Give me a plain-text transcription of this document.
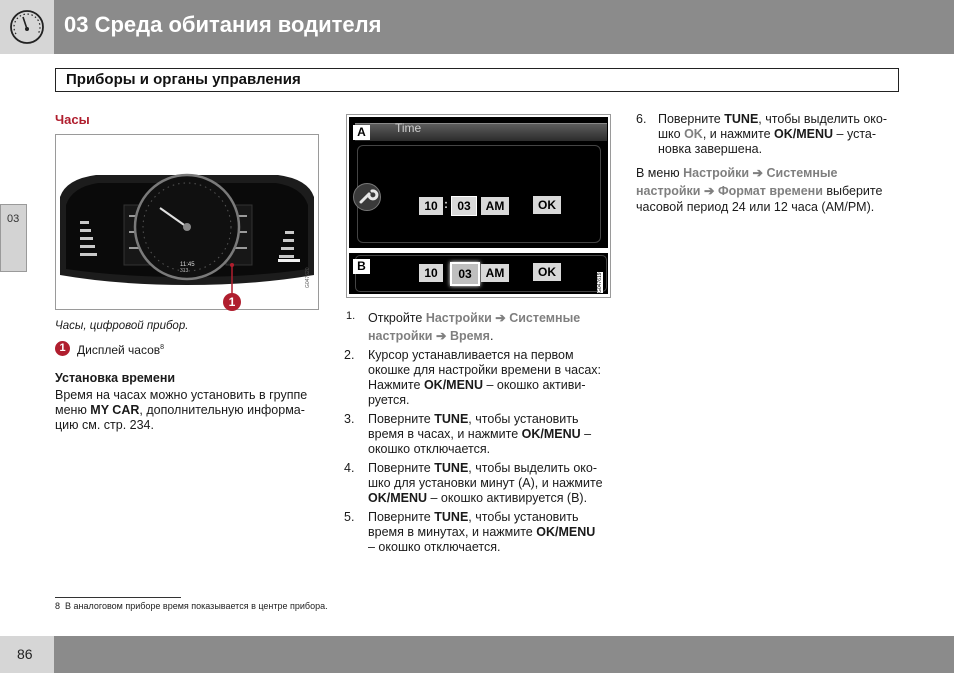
03 Среда обитания водителя
Приборы и органы управления
03
Часы
11:45
313
1
G047620
Часы, цифровой прибор.
1 Дисплей часов$^8$
Установка времени
Время на часах можно установить в группе меню MY CAR, дополнительную информа-цию см. стр. 234.
A	Time
10 : 03	AM	OK
B	10	03	AM	OK
G047619
1. Откройте Настройки ➔ Системные
настройки ➔ Время.
2. Курсор устанавливается на первом
окошке для настройки времени в часах:
Нажмите OK/MENU – окошко активи-
руется.
3. Поверните TUNE, чтобы установить
время в часах, и нажмите OK/MENU –
окошко отключается.
4. Поверните TUNE, чтобы выделить око-
шко для установки минут (A), и нажмите
OK/MENU – окошко активируется (B).
5. Поверните TUNE, чтобы установить
время в минутах, и нажмите OK/MENU
– окошко отключается.
6. Поверните TUNE, чтобы выделить око-
шко OK, и нажмите OK/MENU – уста-
новка завершена.
В меню Настройки ➔ Системные
настройки ➔ Формат времени выберите
часовой период 24 или 12 часа (AM/PM).
8 В аналоговом приборе время показывается в центре прибора.
86
